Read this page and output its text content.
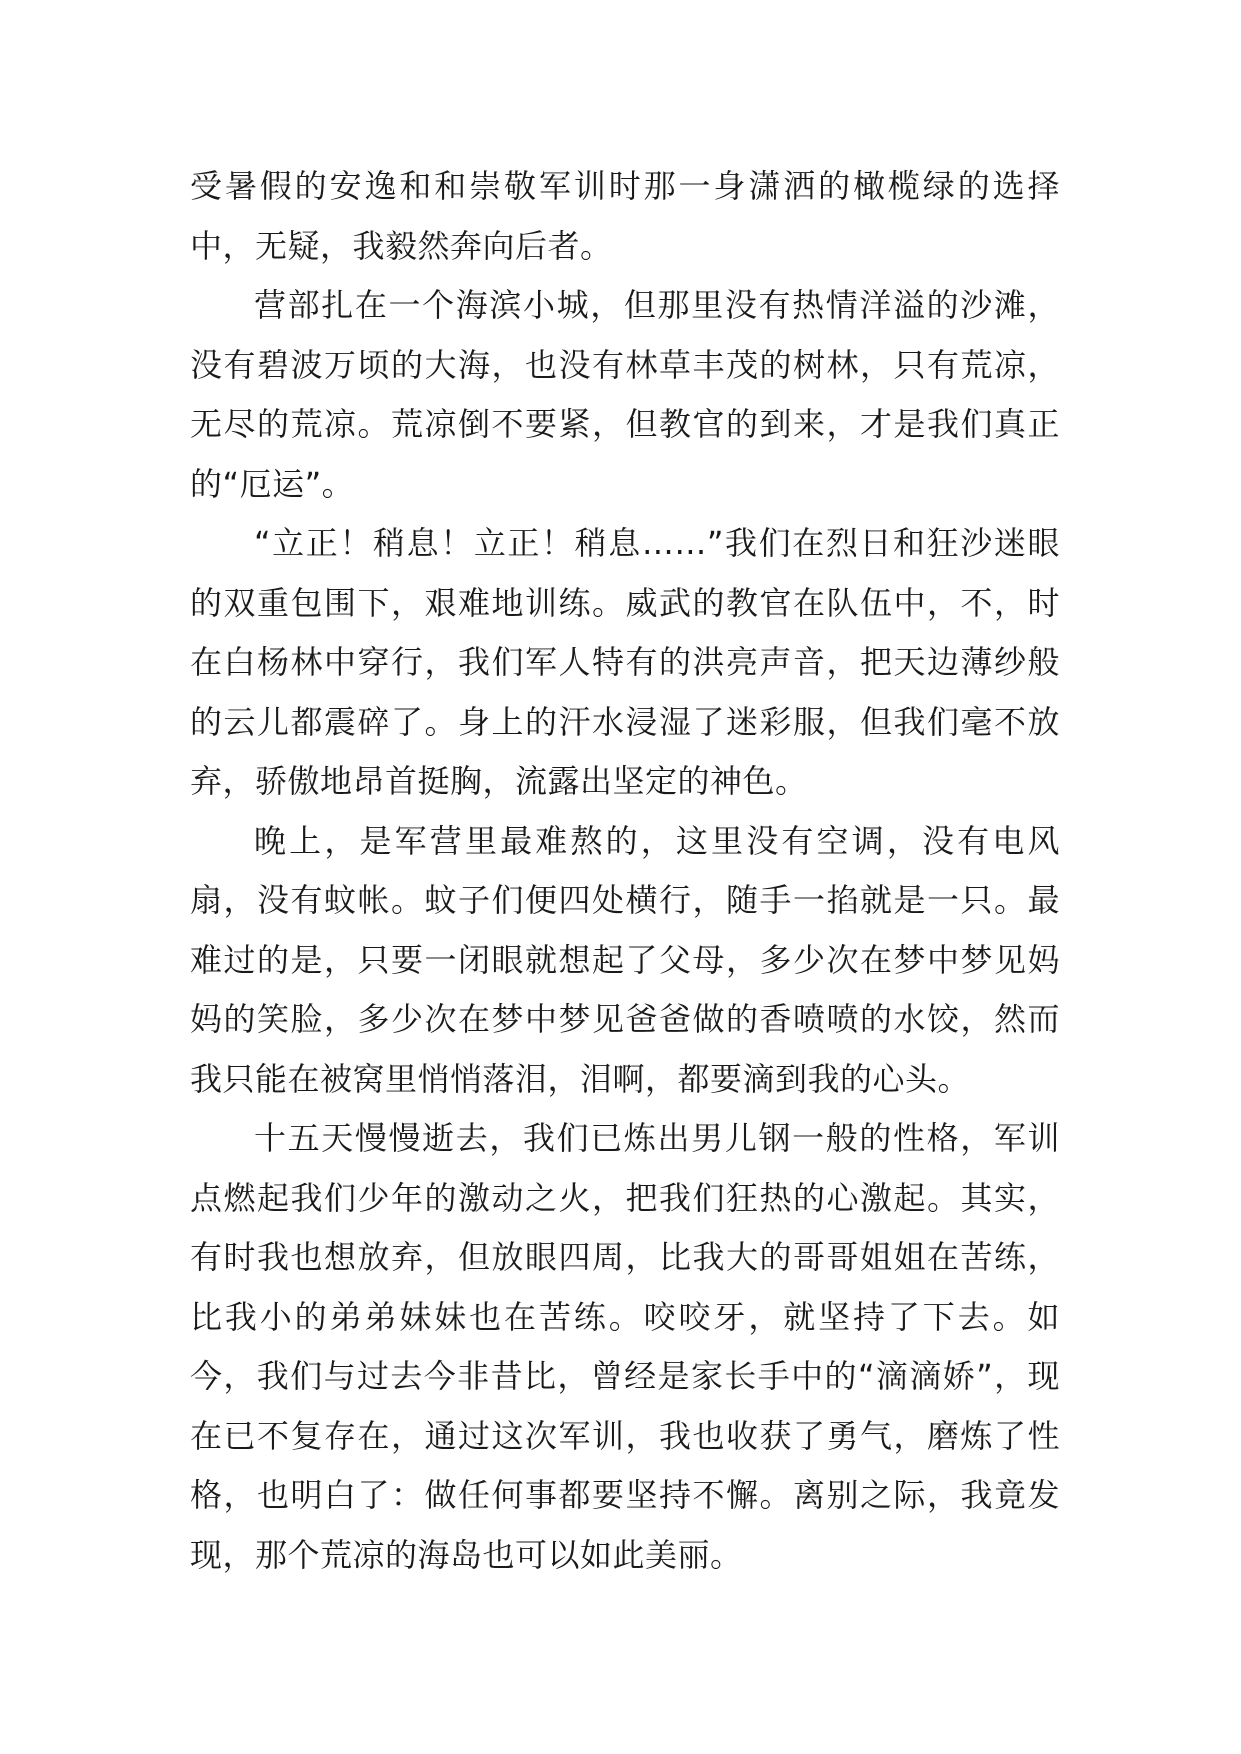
受暑假的安逸和和崇敬军训时那一身潇洒的橄榄绿的选择中，无疑，我毅然奔向后者。

营部扎在一个海滨小城，但那里没有热情洋溢的沙滩，没有碧波万顷的大海，也没有林草丰茂的树林，只有荒凉，无尽的荒凉。荒凉倒不要紧，但教官的到来，才是我们真正的“厄运”。

“立正！稍息！立正！稍息……”我们在烈日和狂沙迷眼的双重包围下，艰难地训练。威武的教官在队伍中，不，时在白杨林中穿行，我们军人特有的洪亮声音，把天边薄纱般的云儿都震碎了。身上的汗水浸湿了迷彩服，但我们毫不放弃，骄傲地昂首挺胸，流露出坚定的神色。

晚上，是军营里最难熬的，这里没有空调，没有电风扇，没有蚊帐。蚊子们便四处横行，随手一掐就是一只。最难过的是，只要一闭眼就想起了父母，多少次在梦中梦见妈妈的笑脸，多少次在梦中梦见爸爸做的香喷喷的水饺，然而我只能在被窝里悄悄落泪，泪啊，都要滴到我的心头。

十五天慢慢逝去，我们已炼出男儿钢一般的性格，军训点燃起我们少年的激动之火，把我们狂热的心激起。其实，有时我也想放弃，但放眼四周，比我大的哥哥姐姐在苦练，比我小的弟弟妹妹也在苦练。咬咬牙，就坚持了下去。如今，我们与过去今非昔比，曾经是家长手中的“滴滴娇”，现在已不复存在，通过这次军训，我也收获了勇气，磨炼了性格，也明白了：做任何事都要坚持不懈。离别之际，我竟发现，那个荒凉的海岛也可以如此美丽。
